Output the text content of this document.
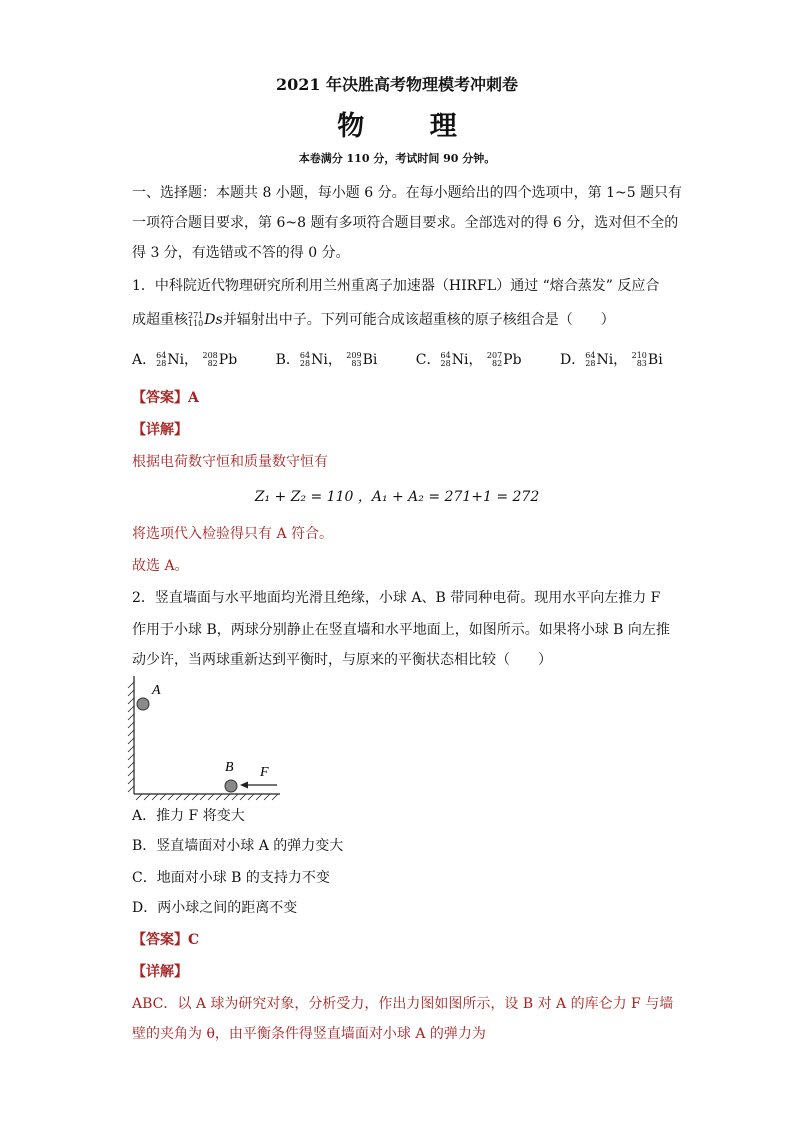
2021 年决胜高考物理模考冲刺卷
物 理
本卷满分 110 分，考试时间 90 分钟。
一、选择题：本题共 8 小题，每小题 6 分。在每小题给出的四个选项中，第 1~5 题只有
一项符合题目要求，第 6~8 题有多项符合题目要求。全部选对的得 6 分，选对但不全的
得 3 分，有选错或不答的得 0 分。
1．中科院近代物理研究所利用兰州重离子加速器（HIRFL）通过 “熔合蒸发” 反应合
成超重核 271
110 Ds并辐射出中子。下列可能合成该超重核的原子核组合是（　　）
A． 64
28 Ni， 208
82 Pb	B． 64
28 Ni， 209
83 Bi	C． 64
28 Ni， 207
82 Pb	D． 64
28 Ni， 210
83 Bi
【答案】A
【详解】
根据电荷数守恒和质量数守恒有
Z₁ + Z₂ = 110 ，A₁ + A₂ = 271+1 = 272
将选项代入检验得只有 A 符合。
故选 A。
2．竖直墙面与水平地面均光滑且绝缘，小球 A、B 带同种电荷。现用水平向左推力 F
作用于小球 B，两球分别静止在竖直墙和水平地面上，如图所示。如果将小球 B 向左推
动少许，当两球重新达到平衡时，与原来的平衡状态相比较（　　）
A
B F
A．推力 F 将变大
B．竖直墙面对小球 A 的弹力变大
C．地面对小球 B 的支持力不变
D．两小球之间的距离不变
【答案】C
【详解】
ABC．以 A 球为研究对象，分析受力，作出力图如图所示，设 B 对 A 的库仑力 F 与墙
壁的夹角为 θ，由平衡条件得竖直墙面对小球 A 的弹力为
